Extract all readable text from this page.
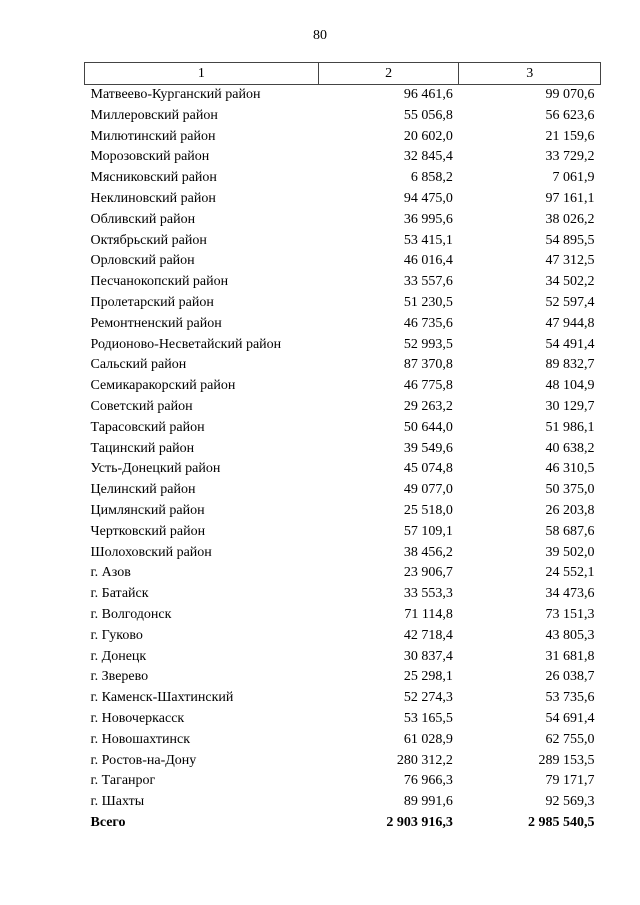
80
1	2	3
Матвеево-Курганский район	96 461,6	99 070,6
Миллеровский район	55 056,8	56 623,6
Милютинский район	20 602,0	21 159,6
Морозовский район	32 845,4	33 729,2
Мясниковский район	6 858,2	7 061,9
Неклиновский район	94 475,0	97 161,1
Обливский район	36 995,6	38 026,2
Октябрьский район	53 415,1	54 895,5
Орловский район	46 016,4	47 312,5
Песчанокопский район	33 557,6	34 502,2
Пролетарский район	51 230,5	52 597,4
Ремонтненский район	46 735,6	47 944,8
Родионово-Несветайский район	52 993,5	54 491,4
Сальский район	87 370,8	89 832,7
Семикаракорский район	46 775,8	48 104,9
Советский район	29 263,2	30 129,7
Тарасовский район	50 644,0	51 986,1
Тацинский район	39 549,6	40 638,2
Усть-Донецкий район	45 074,8	46 310,5
Целинский район	49 077,0	50 375,0
Цимлянский район	25 518,0	26 203,8
Чертковский район	57 109,1	58 687,6
Шолоховский район	38 456,2	39 502,0
г. Азов	23 906,7	24 552,1
г. Батайск	33 553,3	34 473,6
г. Волгодонск	71 114,8	73 151,3
г. Гуково	42 718,4	43 805,3
г. Донецк	30 837,4	31 681,8
г. Зверево	25 298,1	26 038,7
г. Каменск-Шахтинский	52 274,3	53 735,6
г. Новочеркасск	53 165,5	54 691,4
г. Новошахтинск	61 028,9	62 755,0
г. Ростов-на-Дону	280 312,2	289 153,5
г. Таганрог	76 966,3	79 171,7
г. Шахты	89 991,6	92 569,3
Всего	2 903 916,3	2 985 540,5
